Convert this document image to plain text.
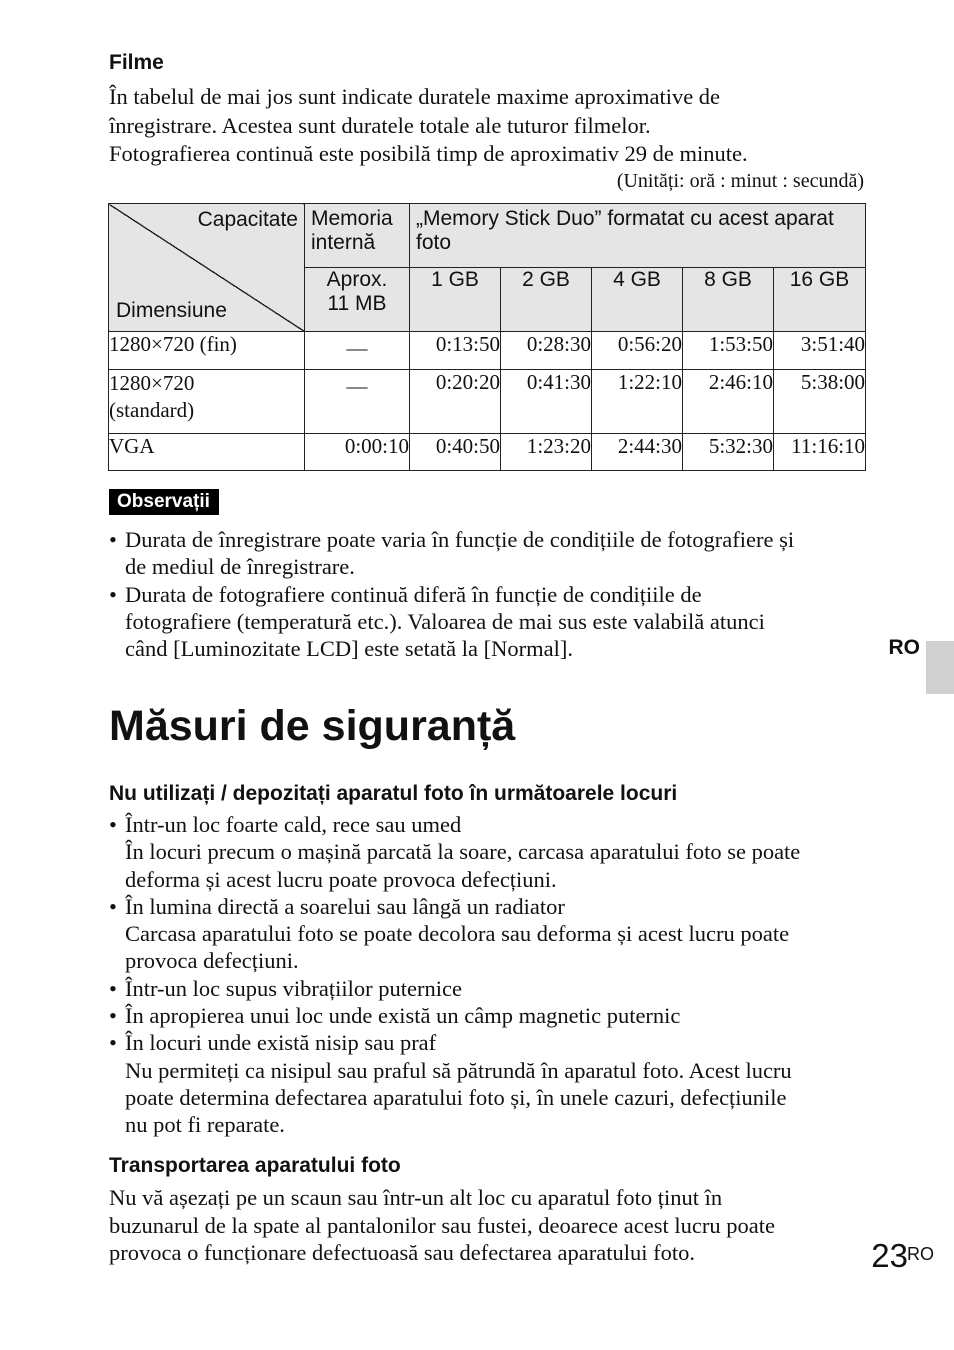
Filme
În tabelul de mai jos sunt indicate duratele maxime aproximative de
înregistrare. Acestea sunt duratele totale ale tuturor filmelor.
Fotografierea continuă este posibilă timp de aproximativ 29 de minute.
(Unități: oră : minut : secundă)
Capacitate
Dimensiune	Memoria internă	„Memory Stick Duo” formatat cu acest aparat foto				
	Aprox. 11 MB	1 GB	2 GB	4 GB	8 GB	16 GB
1280×720 (fin)	—	0:13:50	0:28:30	0:56:20	1:53:50	3:51:40
1280×720 (standard)	—	0:20:20	0:41:30	1:22:10	2:46:10	5:38:00
VGA	0:00:10	0:40:50	1:23:20	2:44:30	5:32:30	11:16:10
Observații
• Durata de înregistrare poate varia în funcție de condițiile de fotografiere și
de mediul de înregistrare.
• Durata de fotografiere continuă diferă în funcție de condițiile de
fotografiere (temperatură etc.). Valoarea de mai sus este valabilă atunci
când [Luminozitate LCD] este setată la [Normal].	RO
Măsuri de siguranță
Nu utilizați / depozitați aparatul foto în următoarele locuri
• Într-un loc foarte cald, rece sau umed
În locuri precum o mașină parcată la soare, carcasa aparatului foto se poate
deforma și acest lucru poate provoca defecțiuni.
• În lumina directă a soarelui sau lângă un radiator
Carcasa aparatului foto se poate decolora sau deforma și acest lucru poate
provoca defecțiuni.
• Într-un loc supus vibrațiilor puternice
• În apropierea unui loc unde există un câmp magnetic puternic
• În locuri unde există nisip sau praf
Nu permiteți ca nisipul sau praful să pătrundă în aparatul foto. Acest lucru
poate determina defectarea aparatului foto și, în unele cazuri, defecțiunile
nu pot fi reparate.
Transportarea aparatului foto
Nu vă așezați pe un scaun sau într-un alt loc cu aparatul foto ținut în
buzunarul de la spate al pantalonilor sau fustei, deoarece acest lucru poate
provoca o funcționare defectuoasă sau defectarea aparatului foto.	23 RO
